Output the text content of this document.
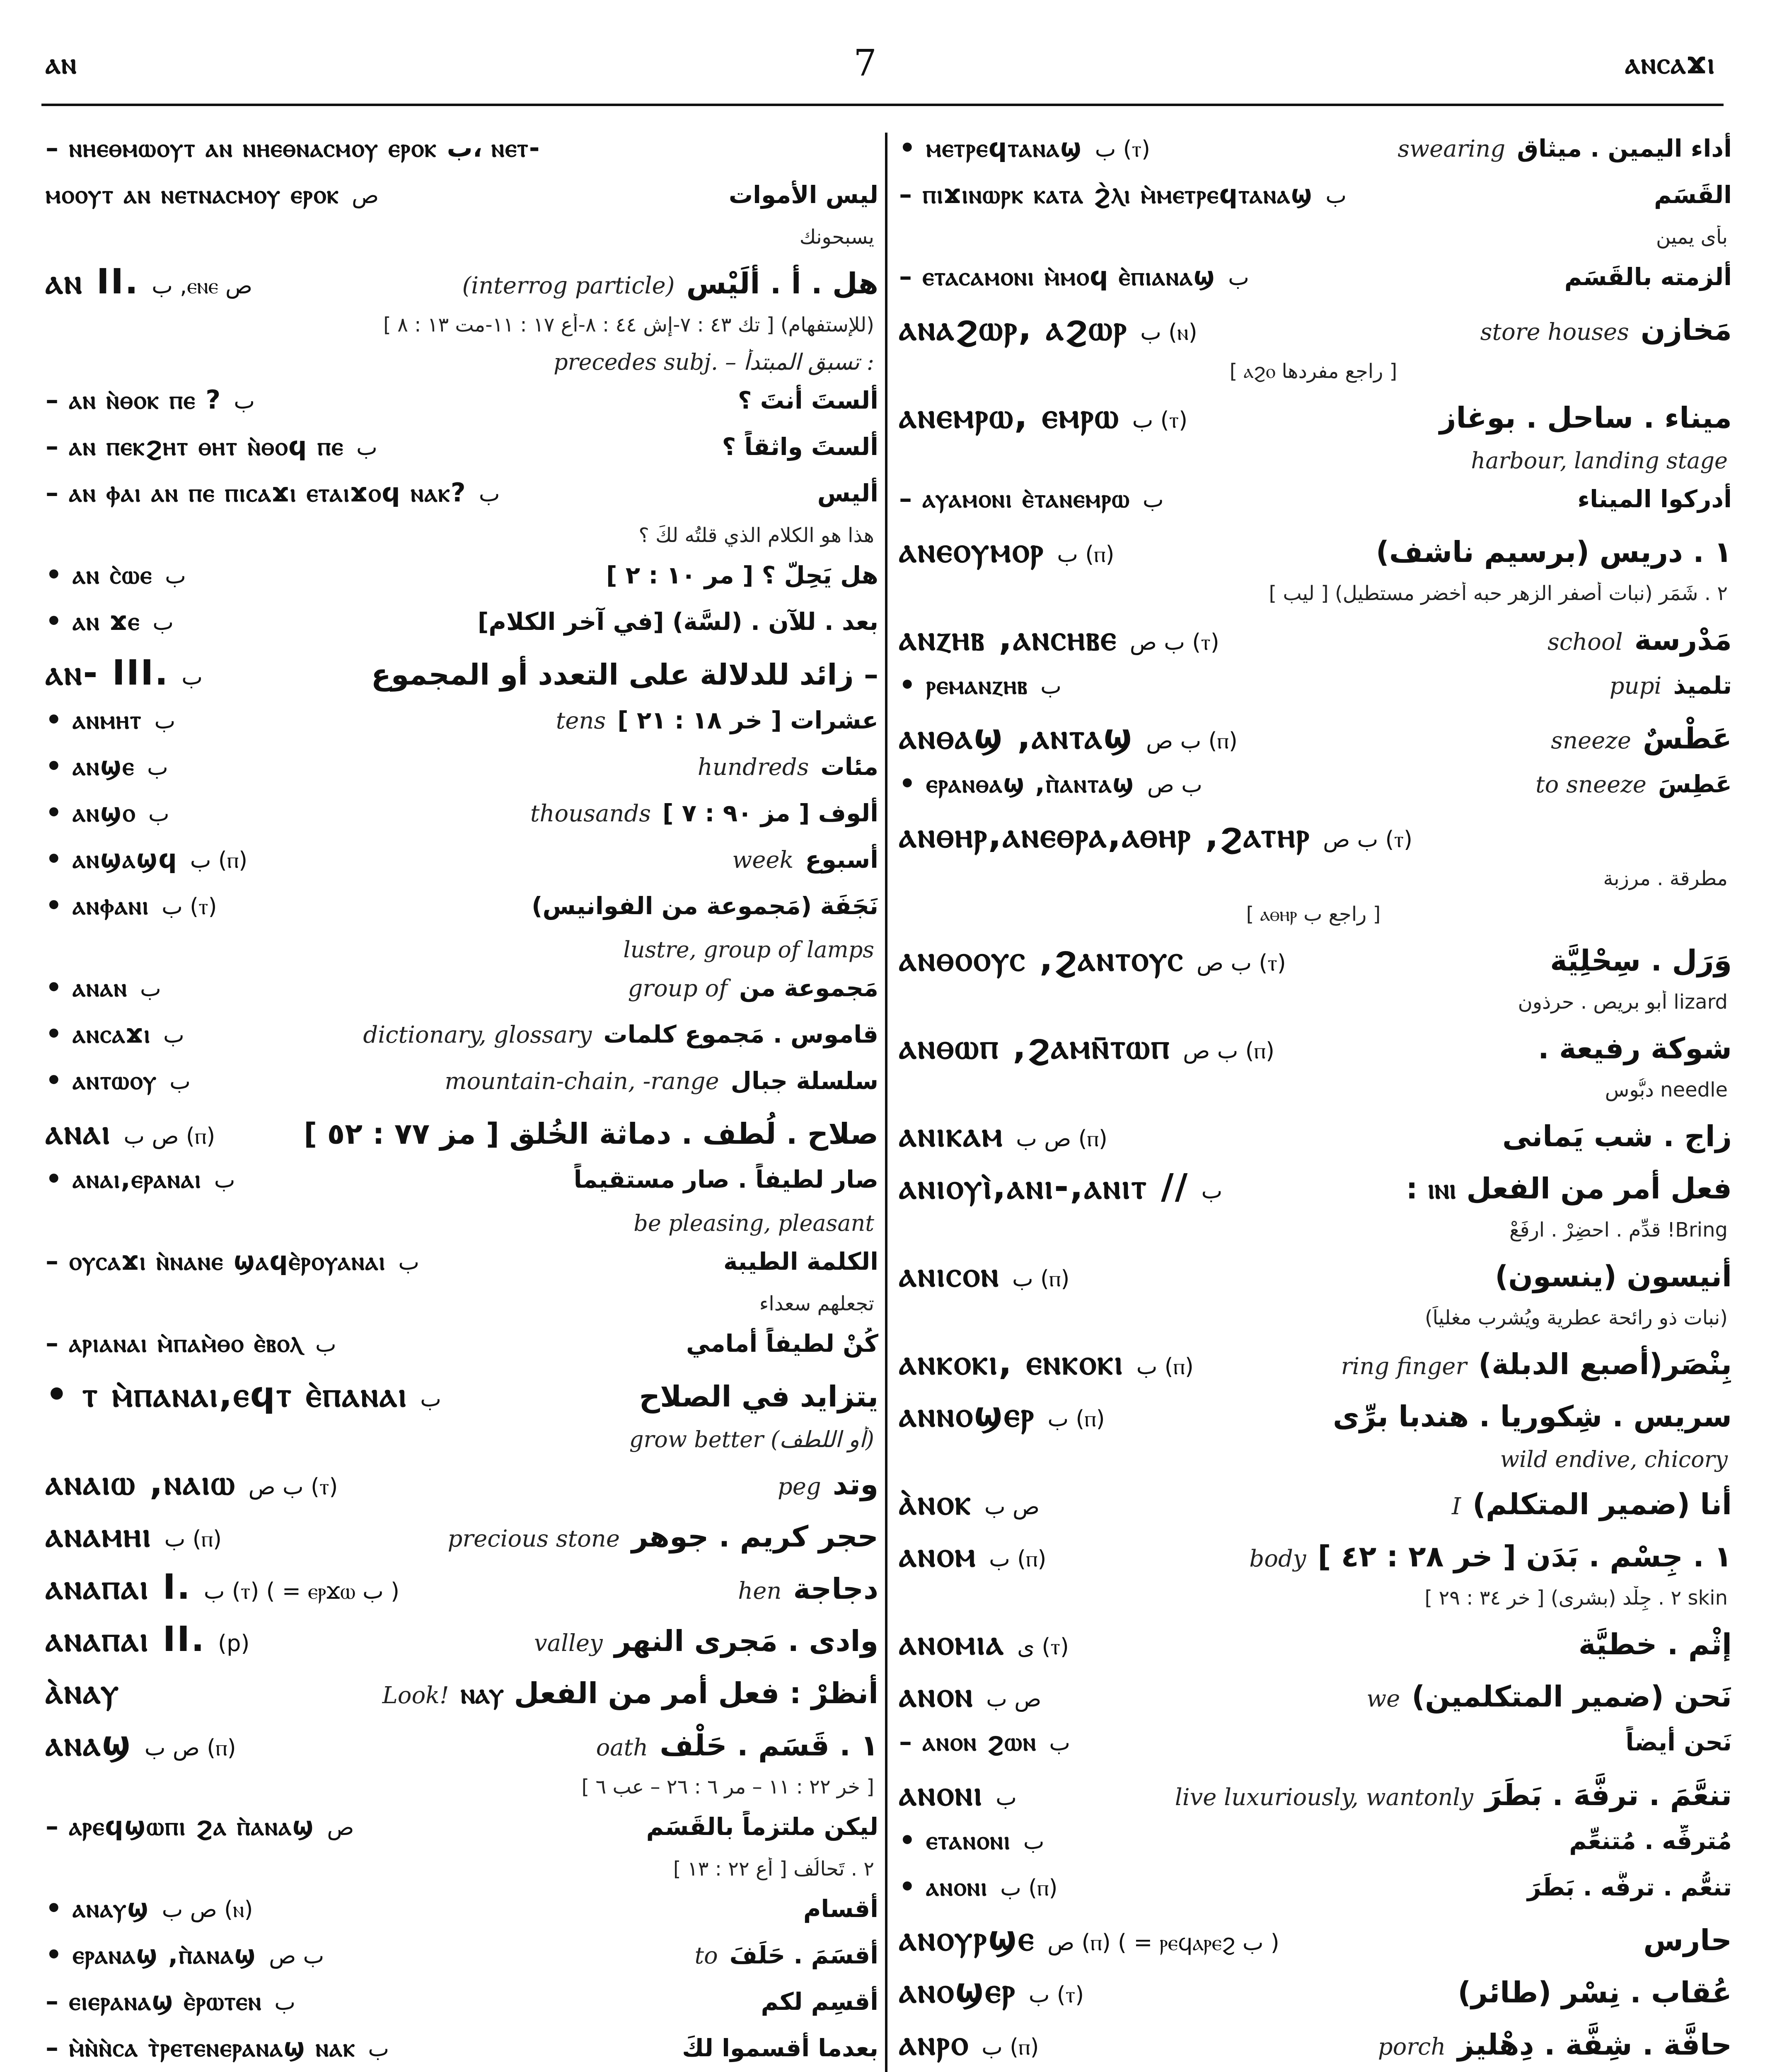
ⲁⲛ	7	ⲁⲛⲥⲁϫⲓ
– ⲛⲏⲉⲑⲙⲱⲟⲩⲧ ⲁⲛ ⲛⲏⲉⲑⲛⲁⲥⲙⲟⲩ ⲉⲣⲟⲕ ب، ⲛⲉⲧ-
ⲙⲟⲟⲩⲧ ⲁⲛ ⲛⲉⲧⲛⲁⲥⲙⲟⲩ ⲉⲣⲟⲕ ص	ليس الأموات
يسبحونك
ⲁⲛ II. ب ,ⲉⲛⲉ ص	(interrog particle) هل . أ . ألَيْس
(للإستفهام) [ تك ٤٣ : ٧-إش ٤٤ : ٨-أع ١٧ : ١١-مت ١٣ : ٨ ]
precedes subj. – تسبق المبتدأ :
– ⲁⲛ ⲛ̀ⲑⲟⲕ ⲡⲉ ? ب	ألستَ أنتَ ؟
– ⲁⲛ ⲡⲉⲕϩⲏⲧ ⲑⲏⲧ ⲛ̀ⲑⲟϥ ⲡⲉ ب	ألستَ واثقاً ؟
– ⲁⲛ ⲫⲁⲓ ⲁⲛ ⲡⲉ ⲡⲓⲥⲁϫⲓ ⲉⲧⲁⲓϫⲟϥ ⲛⲁⲕ? ب	أليس
هذا هو الكلام الذي قلتُه لكَ ؟
• ⲁⲛ ⲥ̀ⲱⲉ ب	هل يَحِلّ ؟ [ مر ١٠ : ٢ ]
• ⲁⲛ ϫⲉ ب	بعد . للآن . (لسَّة) [في آخر الكلام]
ⲁⲛ- III. ب	– زائد للدلالة على التعدد أو المجموع
• ⲁⲛⲙⲏⲧ ب	tens عشرات [ خر ١٨ : ٢١ ]
• ⲁⲛϣⲉ ب	hundreds مئات
• ⲁⲛϣⲟ ب	thousands ألوف [ مز ٩٠ : ٧ ]
• ⲁⲛϣⲁϣϥ ب (ⲡ)	week أسبوع
• ⲁⲛⲫⲁⲛⲓ ب (ⲧ)	نَجَفَة (مَجموعة من الفوانيس)
lustre, group of lamps
• ⲁⲛⲁⲛ ب	group of مَجموعة من
• ⲁⲛⲥⲁϫⲓ ب	dictionary, glossary قاموس . مَجموع كلمات
• ⲁⲛⲧⲱⲟⲩ ب	mountain-chain, -range سلسلة جبال
ⲁⲛⲁⲓ ص ب (ⲡ)	صلاح . لُطف . دماثة الخُلق [ مز ٧٧ : ٥٢ ]
• ⲁⲛⲁⲓ,ⲉⲣⲁⲛⲁⲓ ب	صار لطيفاً . صار مستقيماً
be pleasing, pleasant
– ⲟⲩⲥⲁϫⲓ ⲛ̀ⲛⲁⲛⲉ ϣⲁϥⲉ̀ⲣⲟⲩⲁⲛⲁⲓ ب	الكلمة الطيبة
تجعلهم سعداء
– ⲁⲣⲓⲁⲛⲁⲓ ⲙ̀ⲡⲁⲙ̀ⲑⲟ ⲉ̀ⲃⲟⲗ ب	كُنْ لطيفاً أمامي
• ⲧ ⲙ̀ⲡⲁⲛⲁⲓ,ⲉϥⲧ ⲉ̀ⲡⲁⲛⲁⲓ ب	يتزايد في الصلاح
grow better (أو اللطف)
ⲁⲛⲁⲓⲱ ,ⲛⲁⲓⲱ ب ص (ⲧ)	peg وتد
ⲁⲛⲁⲙⲏⲓ ب (ⲡ)	precious stone حجر كريم . جوهر
ⲁⲛⲁⲡⲁⲓ I. ب (ⲧ) ( = ⲉⲣϫⲱ ب )	hen دجاجة
ⲁⲛⲁⲡⲁⲓ II. (p)	valley وادى . مَجرى النهر
ⲁ̀ⲛⲁⲩ	Look! أنظرْ : فعل أمر من الفعل ⲛⲁⲩ
ⲁⲛⲁϣ ص ب (ⲡ)	oath ١ . قَسَم . حَلْف
[ خر ٢٢ : ١١ – مر ٦ : ٢٦ – عب ٦ ]
– ⲁⲣⲉϥϣⲱⲡⲓ ϩⲁ ⲡ̀ⲁⲛⲁϣ ص	ليكن ملتزماً بالقَسَم
٢ . تَحالُف [ أع ٢٢ : ١٣ ]
• ⲁⲛⲁⲩϣ ص ب (ⲛ)	أقسام
• ⲉⲣⲁⲛⲁϣ ,ⲡ̀ⲁⲛⲁϣ ب ص	to أقسَمَ . حَلَفَ
– ⲉⲓⲉⲣⲁⲛⲁϣ ⲉ̀ⲣⲱⲧⲉⲛ ب	أُقسِم لكم
– ⲙ̀ⲛ̀ⲛ̀ⲥⲁ ⲧ̀ⲣⲉⲧⲉⲛⲉⲣⲁⲛⲁϣ ⲛⲁⲕ ب	بعدما أقسموا لكَ
• ⲙⲉⲧⲣⲉϥⲧⲁⲛⲁϣ ب (ⲧ)	swearing أداء اليمين . ميثاق
– ⲡⲓϫⲓⲛⲱⲣⲕ ⲕⲁⲧⲁ ϩ̀ⲗⲓ ⲙ̀ⲙⲉⲧⲣⲉϥⲧⲁⲛⲁϣ ب	القَسَم
بأى يمين
– ⲉⲧⲁⲥⲁⲙⲟⲛⲓ ⲙ̀ⲙⲟϥ ⲉ̀ⲡⲓⲁⲛⲁϣ ب	ألزمته بالقَسَم
ⲁⲛⲁϩⲱⲣ, ⲁϩⲱⲣ ب (ⲛ)	store houses مَخازن
[ راجع مفردها ⲁϩⲟ ]
ⲁⲛⲉⲙⲣⲱ, ⲉⲙⲣⲱ ب (ⲧ)	ميناء . ساحل . بوغاز
harbour, landing stage
– ⲁⲩⲁⲙⲟⲛⲓ ⲉ̀ⲧⲁⲛⲉⲙⲣⲱ ب	أدركوا الميناء
ⲁⲛⲉⲟⲩⲙⲟⲣ ب (ⲡ)	١ . دريس (برسيم ناشف)
٢ . شَمَر (نبات أصفر الزهر حبه أخضر مستطيل) [ ليب ]
ⲁⲛⲍⲏⲃ ,ⲁⲛⲥⲏⲃⲉ ب ص (ⲧ)	school مَدْرسة
• ⲣⲉⲙⲁⲛⲍⲏⲃ ب	pupi تلميذ
ⲁⲛⲑⲁϣ ,ⲁⲛⲧⲁϣ ب ص (ⲡ)	sneeze عَطْسٌ
• ⲉⲣⲁⲛⲑⲁϣ ,ⲡ̀ⲁⲛⲧⲁϣ ب ص	to sneeze عَطِسَ
ⲁⲛⲑⲏⲣ,ⲁⲛⲉⲑⲣⲁ,ⲁⲑⲏⲣ ,ϩⲁⲧⲏⲣ ب ص (ⲧ)
مطرقة . مرزبة
[ راجع ب ⲁⲑⲏⲣ ]
ⲁⲛⲑⲟⲟⲩⲥ ,ϩⲁⲛⲧⲟⲩⲥ ب ص (ⲧ)	وَرَل . سِحْلِيَّة
lizard أبو بريص . حرذون
ⲁⲛⲑⲱⲡ ,ϩⲁⲙⲛ̄ⲧⲱⲡ ب ص (ⲡ)	شوكة رفيعة .
needle دبُّوس
ⲁⲛⲓⲕⲁⲙ ص ب (ⲡ)	زاج . شب يَمانى
ⲁⲛⲓⲟⲩⲓ̀,ⲁⲛⲓ-,ⲁⲛⲓⲧ // ب	فعل أمر من الفعل ⲓⲛⲓ :
Bring! قدِّم . احضِرْ . ارفَعْ
ⲁⲛⲓⲥⲟⲛ ب (ⲡ)	أنيسون (ينسون)
(نبات ذو رائحة عطرية ويُشرب مغلياً)
ⲁⲛⲕⲟⲕⲓ, ⲉⲛⲕⲟⲕⲓ ب (ⲡ)	ring finger بِنْصَر(أصبع الدبلة)
ⲁⲛⲛⲟϣⲉⲣ ب (ⲡ)	سريس . شِكوريا . هندبا برِّى
wild endive, chicory
ⲁ̀ⲛⲟⲕ ص ب	I أنا (ضمير المتكلم)
ⲁⲛⲟⲙ ب (ⲡ)	body ١ . جِسْم . بَدَن [ خر ٢٨ : ٤٢ ]
skin ٢ . جِلْد (بشرى) [ خر ٣٤ : ٢٩ ]
ⲁⲛⲟⲙⲓⲁ ى (ⲧ)	إثْم . خطيَّة
ⲁⲛⲟⲛ ص ب	we نَحن (ضمير المتكلمين)
– ⲁⲛⲟⲛ ϩⲱⲛ ب	نَحن أيضاً
ⲁⲛⲟⲛⲓ ب	live luxuriously, wantonly تنعَّمَ . ترفَّهَ . بَطَرَ
• ⲉⲧⲁⲛⲟⲛⲓ ب	مُترفِّه . مُتنعِّم
• ⲁⲛⲟⲛⲓ ب (ⲡ)	تنعُّم . ترفُّه . بَطَرَ
ⲁⲛⲟⲩⲣϣⲉ ص (ⲡ) ( = ⲣⲉϥⲁⲣⲉϩ ب )	حارس
ⲁⲛⲟϣⲉⲣ ب (ⲧ)	عُقاب . نِسْر (طائر)
ⲁⲛⲣⲟ ب (ⲡ)	porch حافَّة . شِفَّة . دِهْليز
